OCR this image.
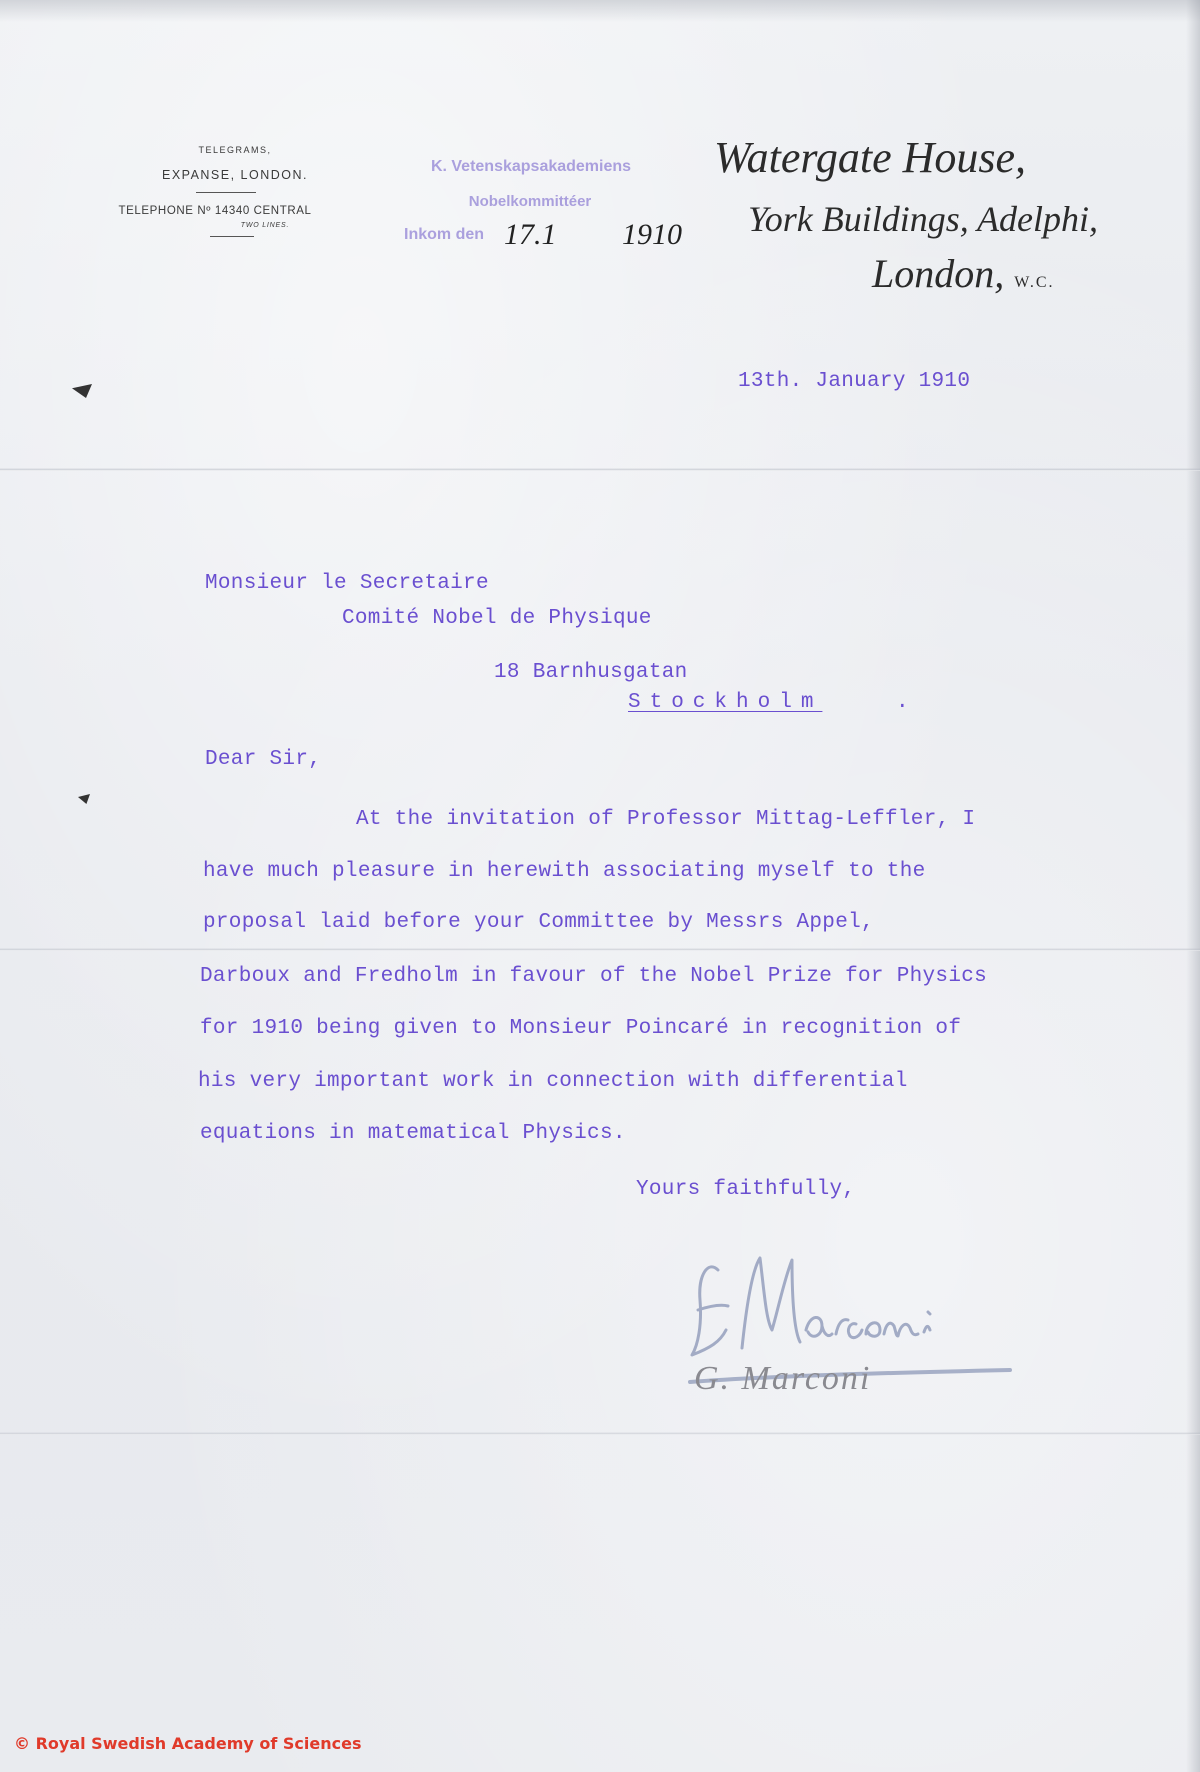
TELEGRAMS,
EXPANSE, LONDON.
TELEPHONE Nº 14340 CENTRAL
TWO LINES.
K. Vetenskapsakademiens
Nobelkommittéer
Inkom den 17.1 1910
Watergate House,
York Buildings, Adelphi,
London, W.C.
13th. January 1910
Monsieur le Secretaire
Comité Nobel de Physique
18 Barnhusgatan
Stockholm	.
Dear Sir,
At the invitation of Professor Mittag-Leffler, I
have much pleasure in herewith associating myself to the
proposal laid before your Committee by Messrs Appel,
Darboux and Fredholm in favour of the Nobel Prize for Physics
for 1910 being given to Monsieur Poincaré in recognition of
his very important work in connection with differential
equations in matematical Physics.
Yours faithfully,
G. Marconi
© Royal Swedish Academy of Sciences
